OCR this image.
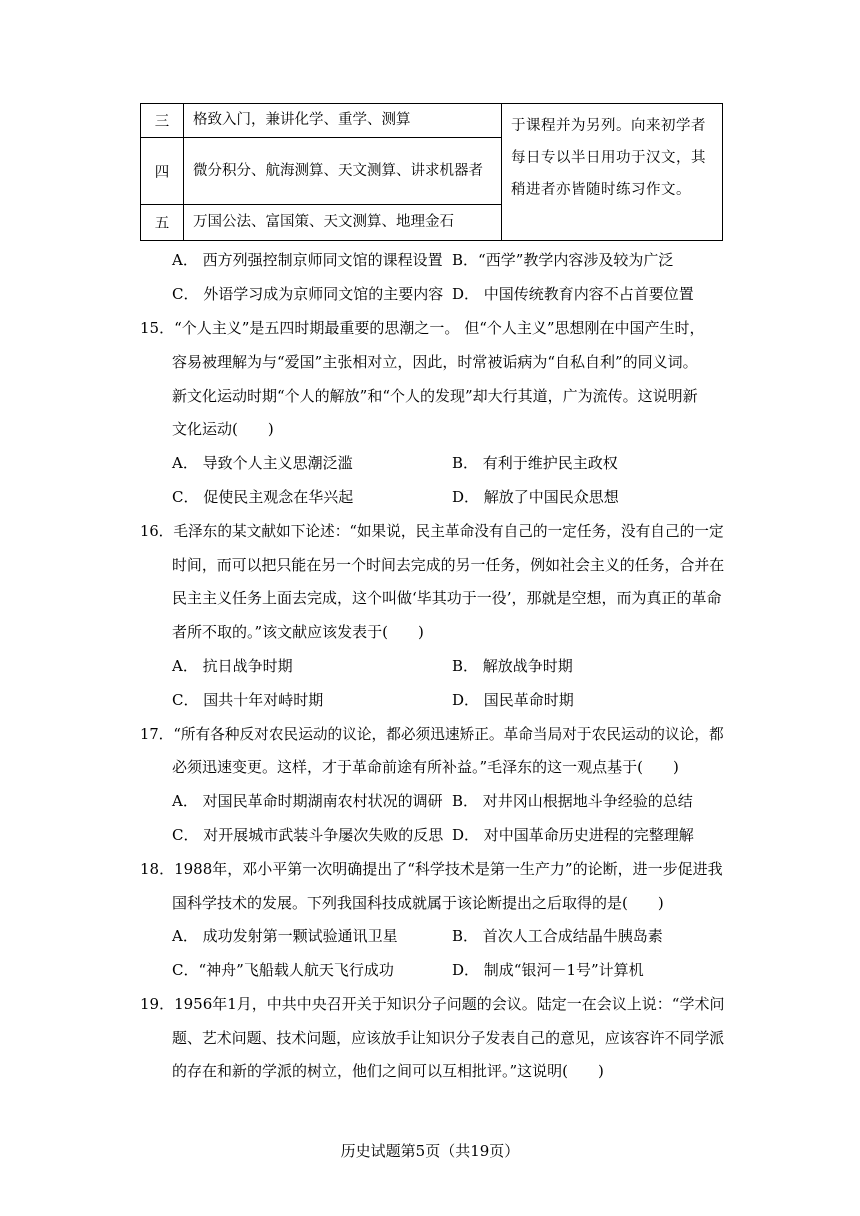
三	格致入门，兼讲化学、重学、测算	于课程并为另列。向来初学者每日专以半日用功于汉文，其稍进者亦皆随时练习作文。
四	微分积分、航海测算、天文测算、讲求机器者	
五	万国公法、富国策、天文测算、地理金石	
A． 西方列强控制京师同文馆的课程设置 B．“西学”教学内容涉及较为广泛
C． 外语学习成为京师同文馆的主要内容 D． 中国传统教育内容不占首要位置
15．“个人主义”是五四时期最重要的思潮之一。 但“个人主义”思想刚在中国产生时，
容易被理解为与“爱国”主张相对立，因此，时常被诟病为“自私自利”的同义词。
新文化运动时期“个人的解放”和“个人的发现”却大行其道，广为流传。这说明新
文化运动(　　)
A． 导致个人主义思潮泛滥	B． 有利于维护民主政权
C． 促使民主观念在华兴起	D． 解放了中国民众思想
16．毛泽东的某文献如下论述：“如果说，民主革命没有自己的一定任务，没有自己的一定
时间，而可以把只能在另一个时间去完成的另一任务，例如社会主义的任务，合并在
民主主义任务上面去完成，这个叫做‘毕其功于一役’，那就是空想，而为真正的革命
者所不取的。”该文献应该发表于(　　)
A． 抗日战争时期	B． 解放战争时期
C． 国共十年对峙时期	D． 国民革命时期
17．“所有各种反对农民运动的议论，都必须迅速矫正。革命当局对于农民运动的议论，都
必须迅速变更。这样，才于革命前途有所补益。”毛泽东的这一观点基于(　　)
A． 对国民革命时期湖南农村状况的调研 B． 对井冈山根据地斗争经验的总结
C． 对开展城市武装斗争屡次失败的反思 D． 对中国革命历史进程的完整理解
18．1988年，邓小平第一次明确提出了“科学技术是第一生产力”的论断，进一步促进我
国科学技术的发展。下列我国科技成就属于该论断提出之后取得的是(　　)
A． 成功发射第一颗试验通讯卫星	B． 首次人工合成结晶牛胰岛素
C．“神舟”飞船载人航天飞行成功	D． 制成“银河－1号”计算机
19．1956年1月，中共中央召开关于知识分子问题的会议。陆定一在会议上说：“学术问
题、艺术问题、技术问题，应该放手让知识分子发表自己的意见，应该容许不同学派
的存在和新的学派的树立，他们之间可以互相批评。”这说明(　　)
历史试题第5页（共19页）
